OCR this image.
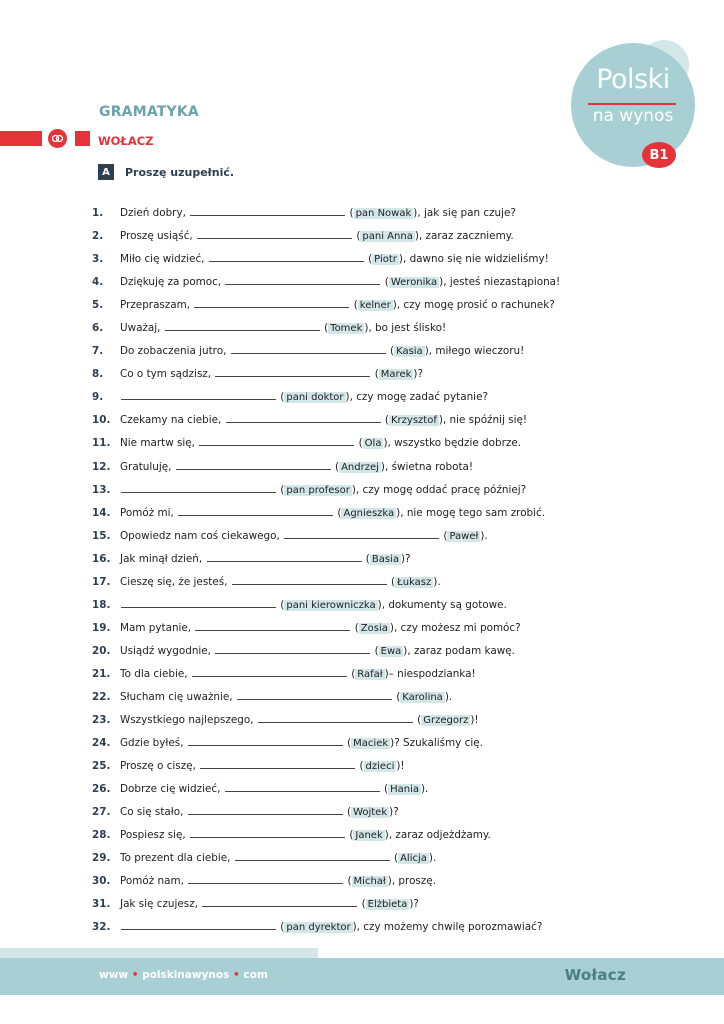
GRAMATYKA
WOŁACZ
A	Proszę uzupełnić.
Polski
na wynos
B1
1.	Dzień dobry,
	( pan Nowak ) , jak się pan czuje?
2.	Proszę usiąść,
	( pani Anna ) , zaraz zaczniemy.
3.	Miło cię widzieć,
	( Piotr ) , dawno się nie widzieliśmy!
4.	Dziękuję za pomoc,
	( Weronika ) , jesteś niezastąpiona!
5.	Przepraszam,
	( kelner ) , czy mogę prosić o rachunek?
6.	Uważaj,
	( Tomek ) , bo jest ślisko!
7.	Do zobaczenia jutro,
	( Kasia ) , miłego wieczoru!
8.	Co o tym sądzisz,
	( Marek ) ?
9.	( pani doktor ) , czy mogę zadać pytanie?
10. Czekamy na ciebie,
	( Krzysztof ) , nie spóźnij się!
11. Nie martw się,
	( Ola ) , wszystko będzie dobrze.
12. Gratuluję,
	( Andrzej ) , świetna robota!
13.	( pan profesor ) , czy mogę oddać pracę później?
14. Pomóż mi,
	( Agnieszka ) , nie mogę tego sam zrobić.
15. Opowiedz nam coś ciekawego,
	( Paweł ) .
16. Jak minął dzień,
	( Basia ) ?
17. Cieszę się, że jesteś,
	( Łukasz ) .
18.	( pani kierowniczka ) , dokumenty są gotowe.
19. Mam pytanie,
	( Zosia ) , czy możesz mi pomóc?
20. Usiądź wygodnie,
	( Ewa ) , zaraz podam kawę.
21. To dla ciebie,
	( Rafał ) – niespodzianka!
22. Słucham cię uważnie,
	( Karolina ) .
23. Wszystkiego najlepszego,
	( Grzegorz ) !
24. Gdzie byłeś,
	( Maciek ) ? Szukaliśmy cię.
25. Proszę o ciszę,
	( dzieci ) !
26. Dobrze cię widzieć,
	( Hania ) .
27. Co się stało,
	( Wojtek ) ?
28. Pospiesz się,
	( Janek ) , zaraz odjeżdżamy.
29. To prezent dla ciebie,
	( Alicja ) .
30. Pomóż nam,
	( Michał ) , proszę.
31. Jak się czujesz,
	( Elżbieta ) ?
32.	( pan dyrektor ) , czy możemy chwilę porozmawiać?
www • polskinawynos • com	Wołacz
